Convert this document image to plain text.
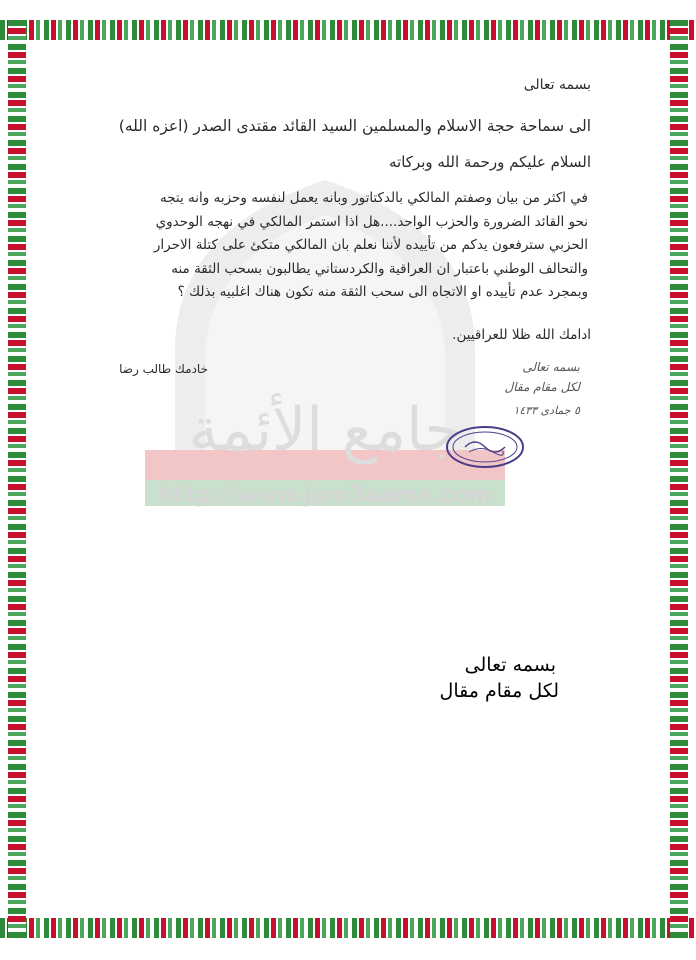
جامع الأئمة
http://www.jam3aama.com
بسمه تعالى
الى سماحة حجة الاسلام والمسلمين السيد القائد مقتدى الصدر (اعزه الله)
السلام عليكم ورحمة الله وبركاته
في اكثر من بيان وصفتم المالكي بالدكتاتور وبانه يعمل لنفسه وحزبه وانه يتجه
نحو القائد الضرورة والحزب الواحد....هل اذا استمر المالكي في نهجه الوحدوي
الحزبي سترفعون يدكم من تأييده لأننا نعلم بان المالكي متكئ على كتلة الاحرار
والتحالف الوطني باعتبار ان العراقية والكردستاني يطالبون بسحب الثقة منه
وبمجرد عدم تأييده او الاتجاه الى سحب الثقة منه تكون هناك اغلبيه بذلك ؟
ادامك الله ظلا للعراقيين.
خادمك طالب رضا	بسمه تعالى
لكل مقام مقال
٥ جمادى ١٤٣٣
بسمه تعالى
لكل مقام مقال
